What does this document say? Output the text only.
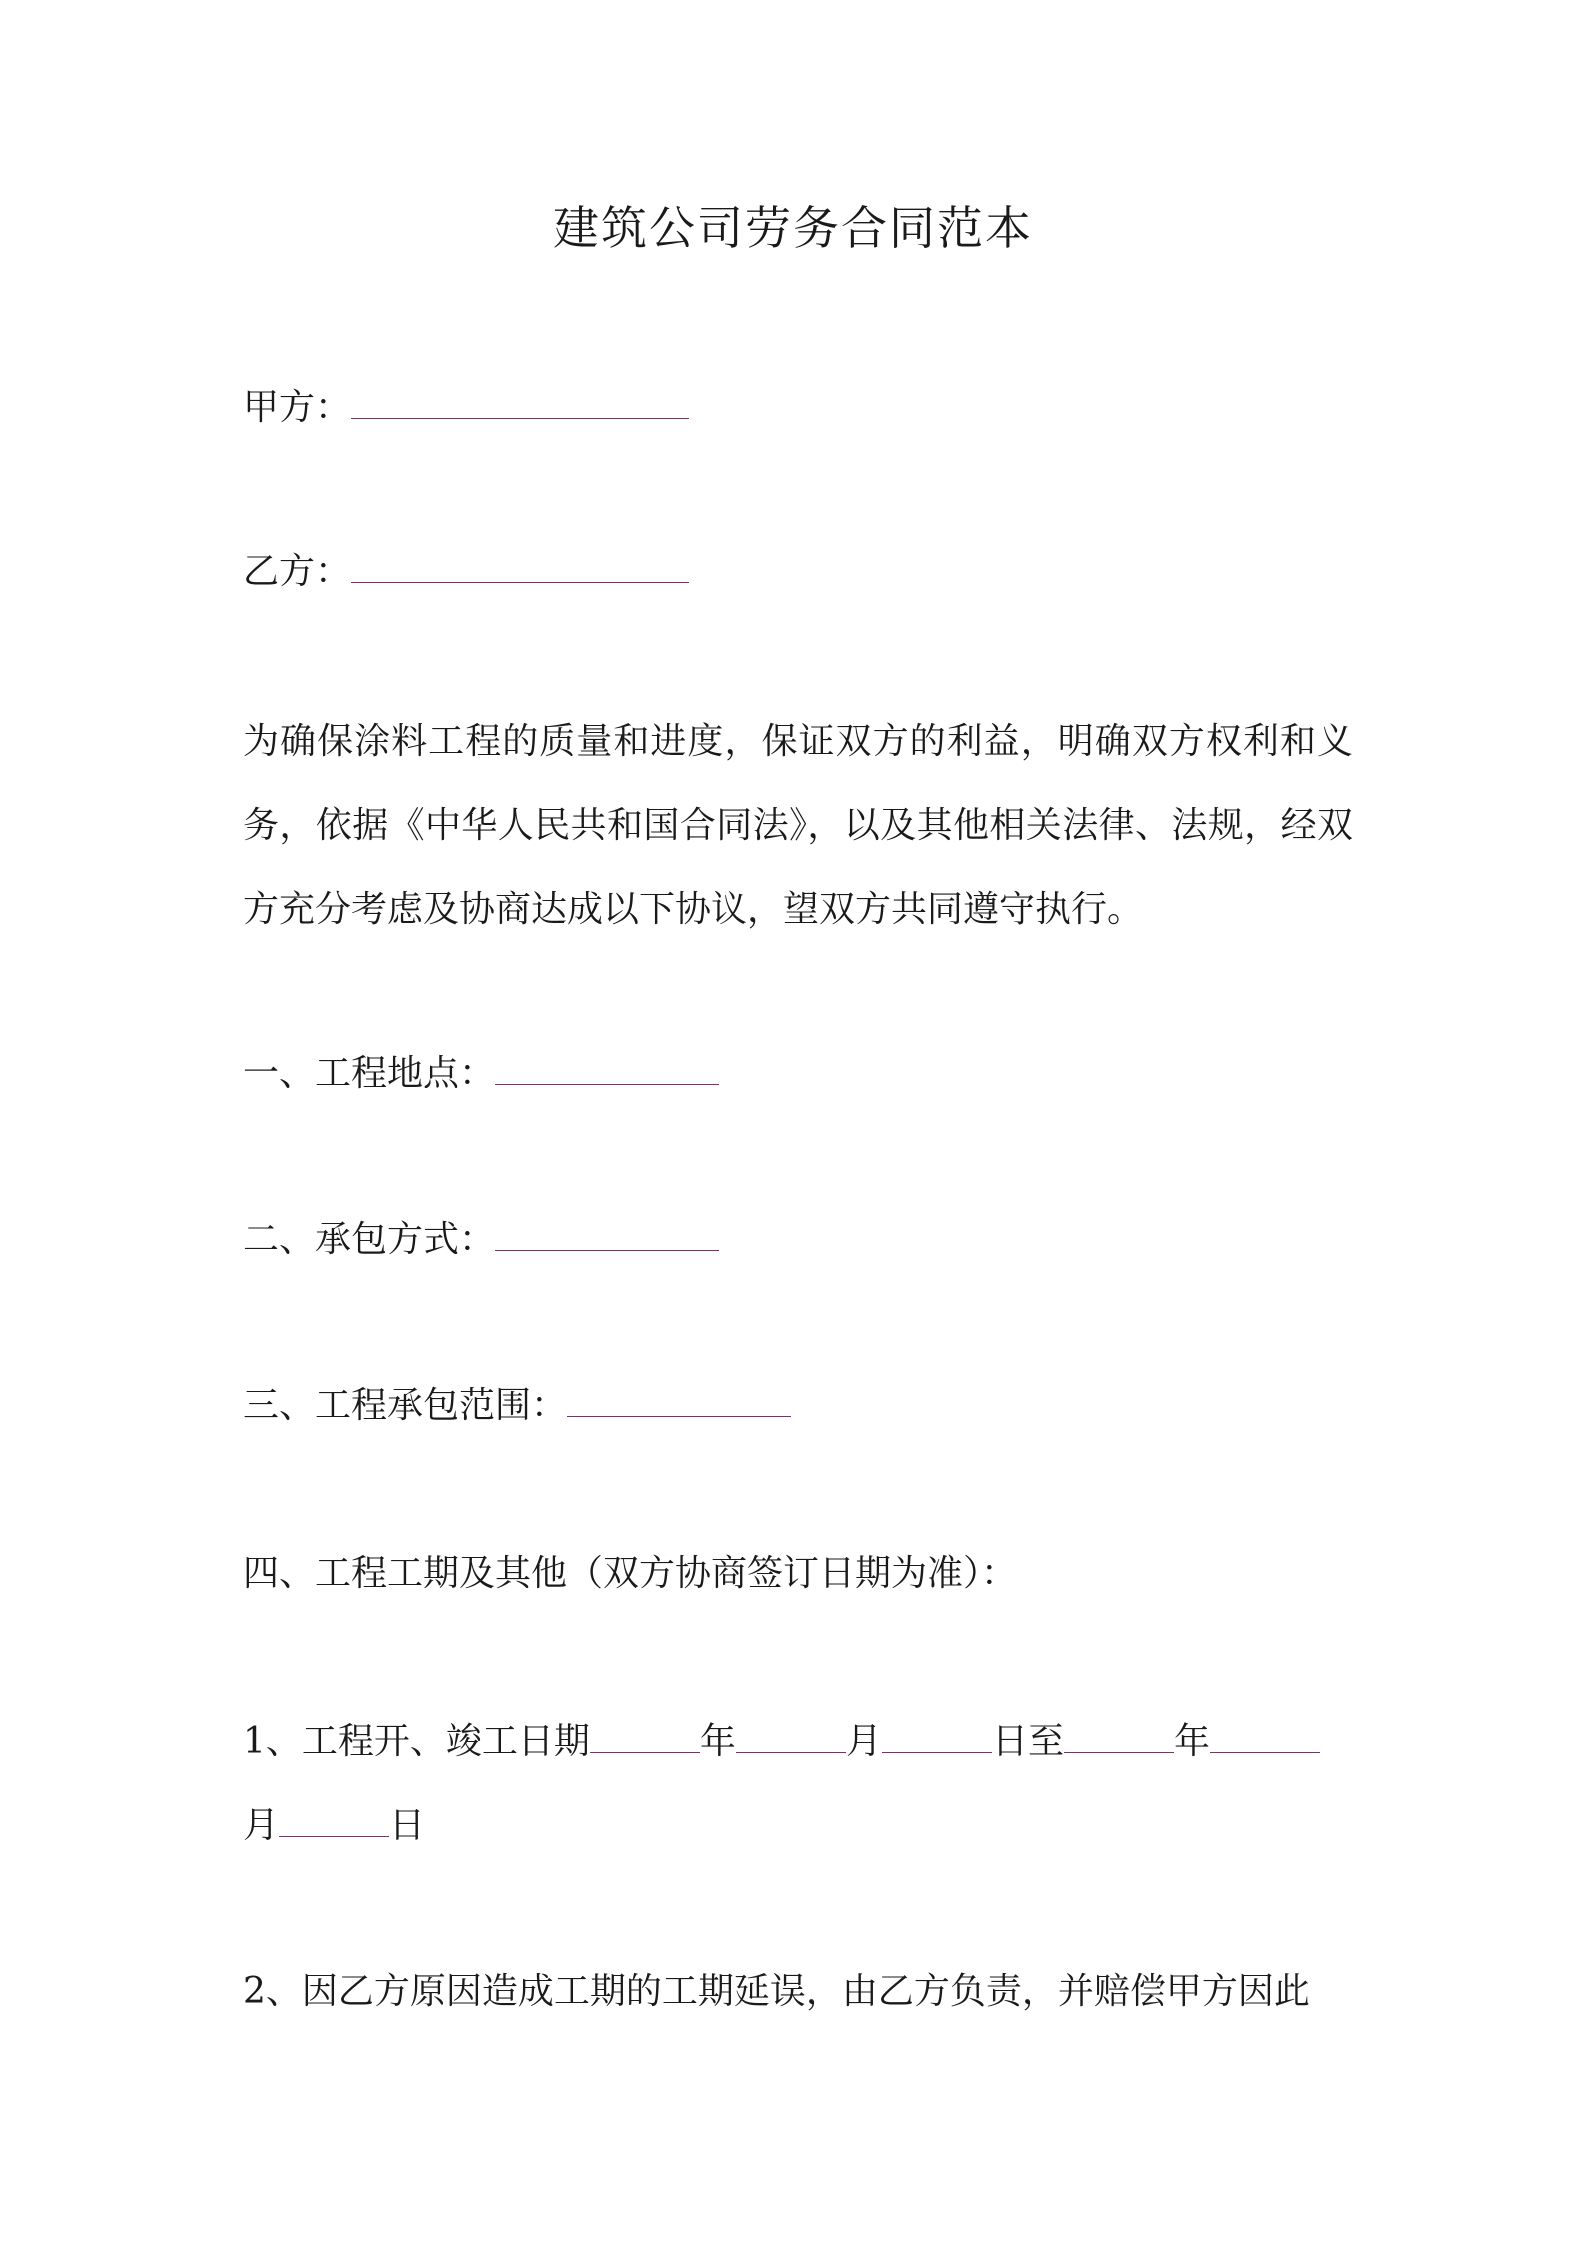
建筑公司劳务合同范本

甲方：

乙方：

为确保涂料工程的质量和进度，保证双方的利益，明确双方权利和义务，依据《中华人民共和国合同法》，以及其他相关法律、法规，经双方充分考虑及协商达成以下协议，望双方共同遵守执行。

一、工程地点：

二、承包方式：

三、工程承包范围：

四、工程工期及其他（双方协商签订日期为准）：

1、工程开、竣工日期	年	月	日至	年

月	日

2、因乙方原因造成工期的工期延误，由乙方负责，并赔偿甲方因此
